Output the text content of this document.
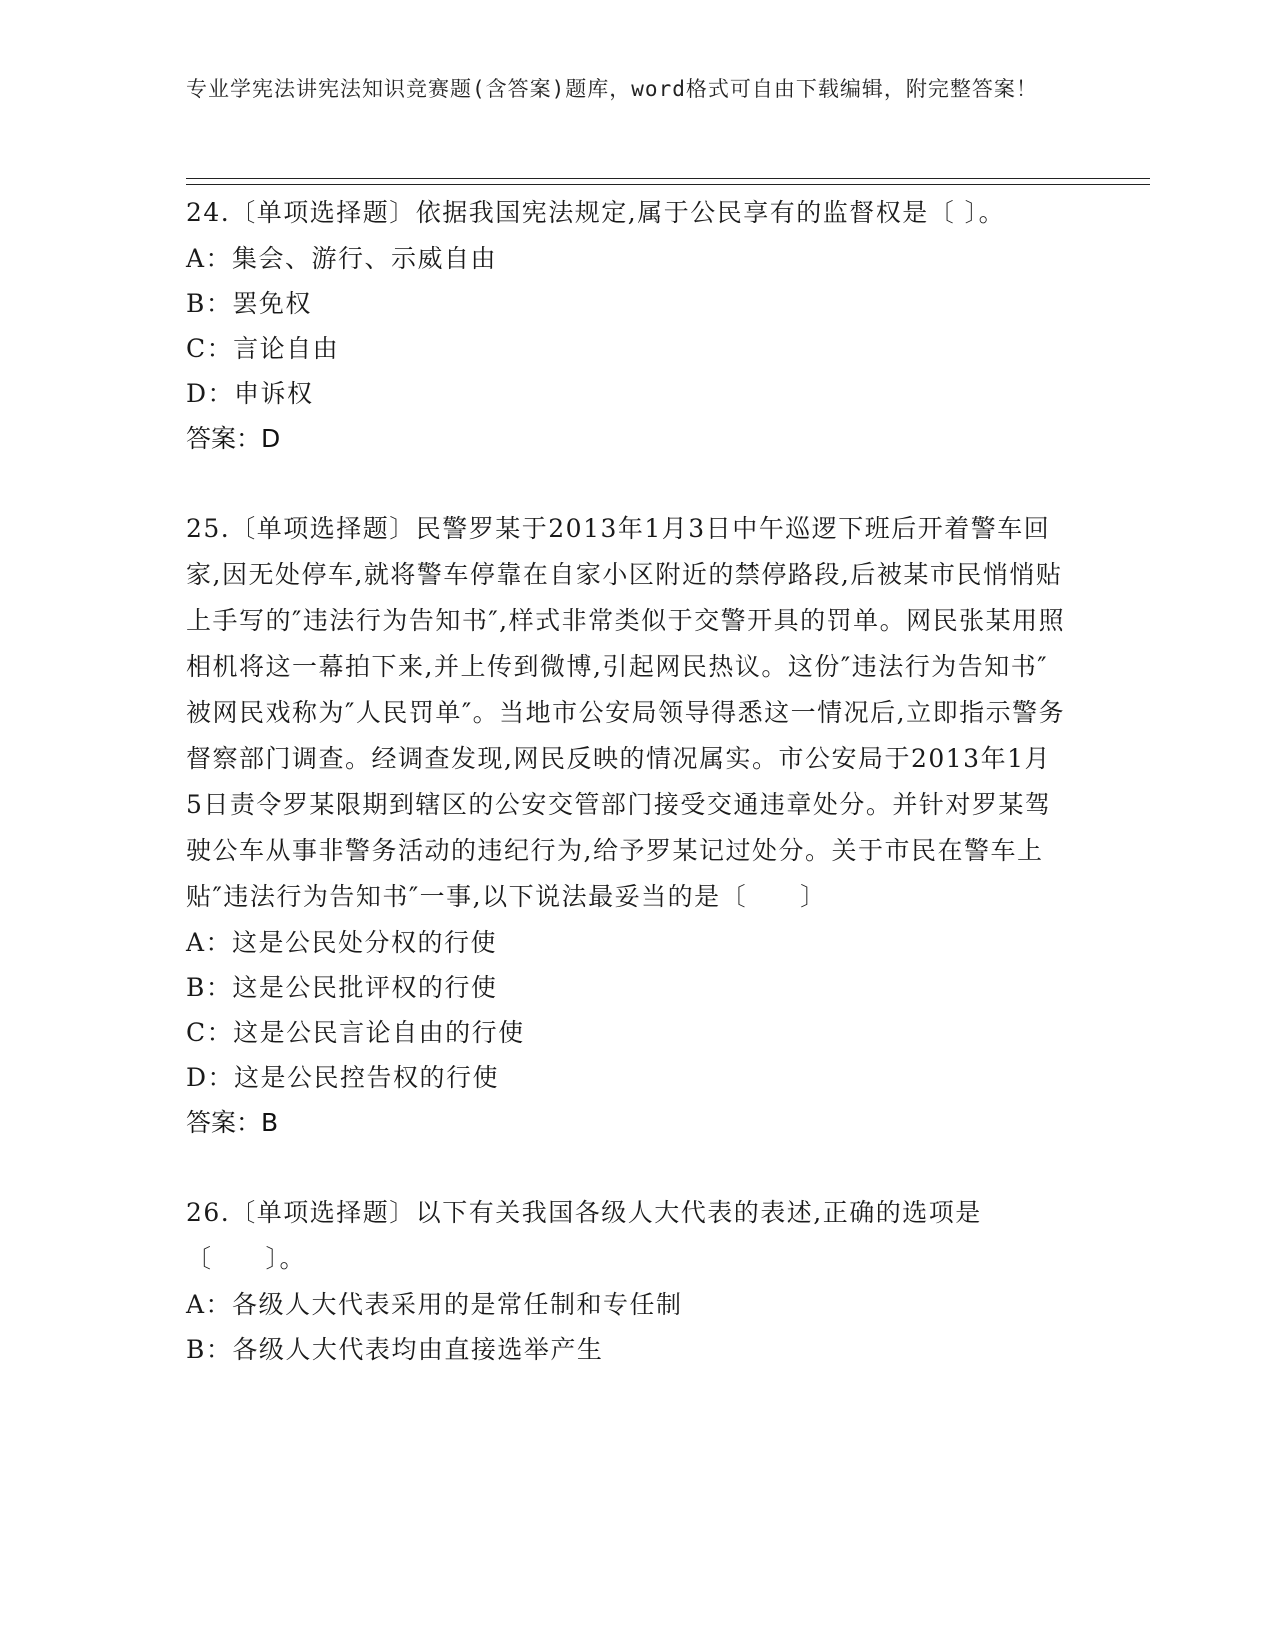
专业学宪法讲宪法知识竞赛题(含答案)题库，word格式可自由下载编辑，附完整答案！

24.〔单项选择题〕依据我国宪法规定,属于公民享有的监督权是〔 〕。

A：集会、游行、示威自由

B：罢免权

C：言论自由

D：申诉权

答案：D

25.〔单项选择题〕民警罗某于2013年1月3日中午巡逻下班后开着警车回家,因无处停车,就将警车停靠在自家小区附近的禁停路段,后被某市民悄悄贴上手写的″违法行为告知书″,样式非常类似于交警开具的罚单。网民张某用照相机将这一幕拍下来,并上传到微博,引起网民热议。这份″违法行为告知书″被网民戏称为″人民罚单″。当地市公安局领导得悉这一情况后,立即指示警务督察部门调查。经调查发现,网民反映的情况属实。市公安局于2013年1月5日责令罗某限期到辖区的公安交管部门接受交通违章处分。并针对罗某驾驶公车从事非警务活动的违纪行为,给予罗某记过处分。关于市民在警车上贴″违法行为告知书″一事,以下说法最妥当的是〔　　〕

A：这是公民处分权的行使

B：这是公民批评权的行使

C：这是公民言论自由的行使

D：这是公民控告权的行使

答案：B

26.〔单项选择题〕以下有关我国各级人大代表的表述,正确的选项是〔　　〕。

A：各级人大代表采用的是常任制和专任制

B：各级人大代表均由直接选举产生
